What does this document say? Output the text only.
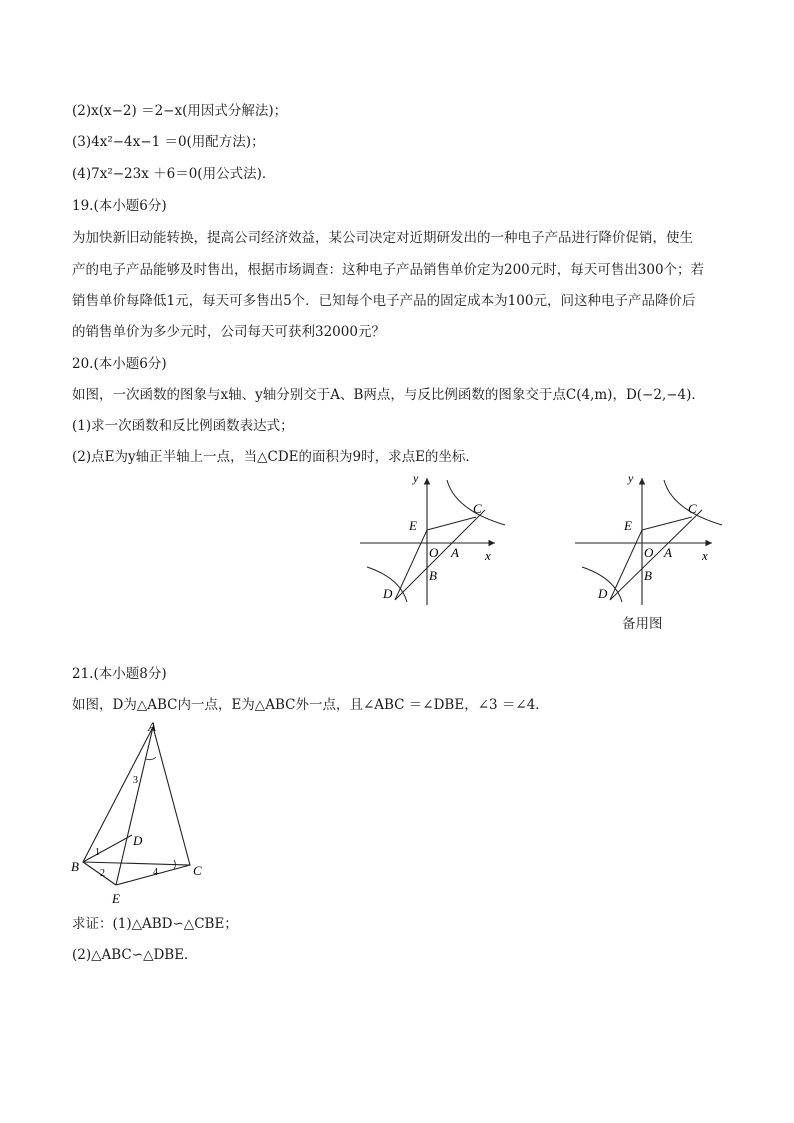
(2)x(x−2) ＝2−x(用因式分解法)；
(3)4x²−4x−1 ＝0(用配方法)；
(4)7x²−23x ＋6＝0(用公式法)．
19.(本小题6分)
为加快新旧动能转换，提高公司经济效益，某公司决定对近期研发出的一种电子产品进行降价促销，使生
产的电子产品能够及时售出，根据市场调查：这种电子产品销售单价定为200元时，每天可售出300个；若
销售单价每降低1元，每天可多售出5个．已知每个电子产品的固定成本为100元，问这种电子产品降价后
的销售单价为多少元时，公司每天可获利32000元？
20.(本小题6分)
如图，一次函数的图象与x轴、y轴分别交于A、B两点，与反比例函数的图象交于点C(4,m)，D(−2,−4)．
(1)求一次函数和反比例函数表达式；
(2)点E为y轴正半轴上一点，当△CDE的面积为9时，求点E的坐标．
y
x
E
C
O A
B
D
y
x
E
C
O A
B
D
备用图
21.(本小题8分)
如图，D为△ABC内一点，E为△ABC外一点，且∠ABC ＝∠DBE，∠3 ＝∠4．
A
B	C
D
E
1
2
3
4
求证：(1)△ABD∽△CBE；
(2)△ABC∽△DBE．
